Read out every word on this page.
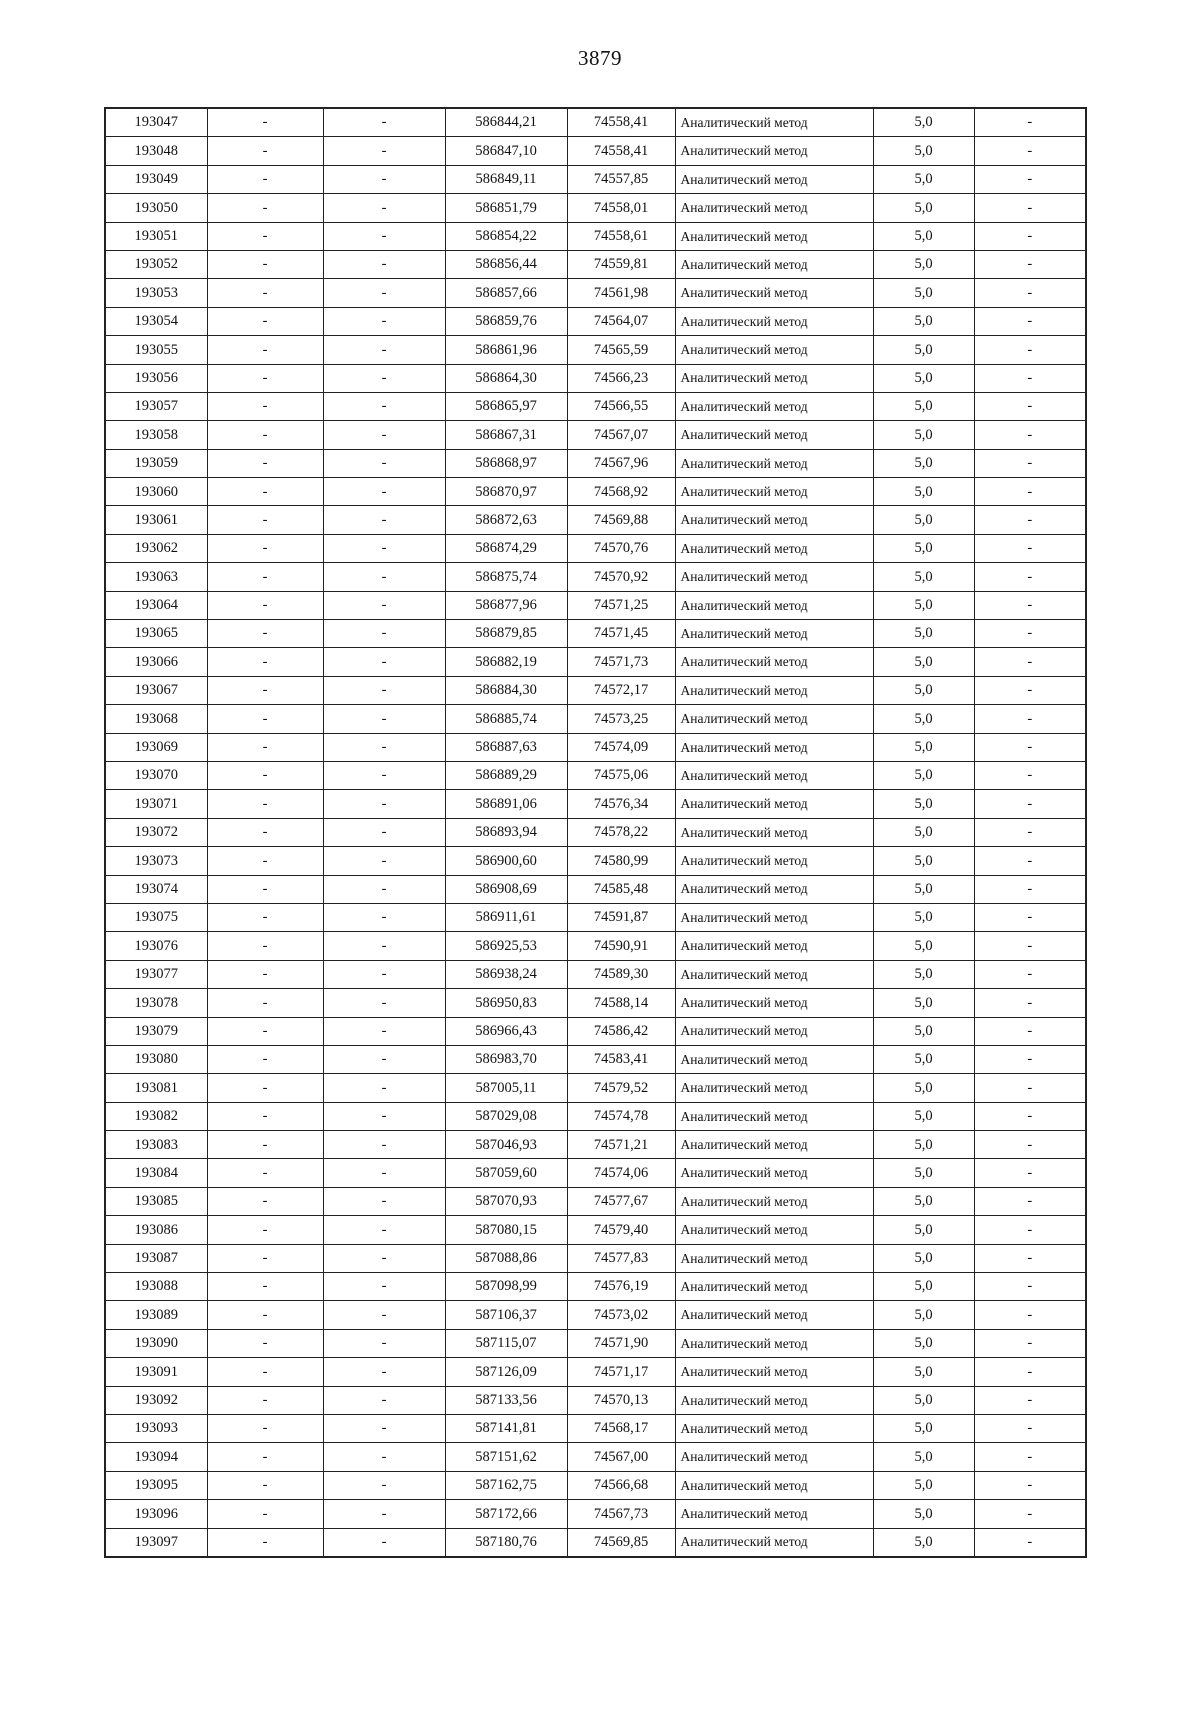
3879
193047	-	-	586844,21	74558,41	Аналитический метод	5,0	-
193048	-	-	586847,10	74558,41	Аналитический метод	5,0	-
193049	-	-	586849,11	74557,85	Аналитический метод	5,0	-
193050	-	-	586851,79	74558,01	Аналитический метод	5,0	-
193051	-	-	586854,22	74558,61	Аналитический метод	5,0	-
193052	-	-	586856,44	74559,81	Аналитический метод	5,0	-
193053	-	-	586857,66	74561,98	Аналитический метод	5,0	-
193054	-	-	586859,76	74564,07	Аналитический метод	5,0	-
193055	-	-	586861,96	74565,59	Аналитический метод	5,0	-
193056	-	-	586864,30	74566,23	Аналитический метод	5,0	-
193057	-	-	586865,97	74566,55	Аналитический метод	5,0	-
193058	-	-	586867,31	74567,07	Аналитический метод	5,0	-
193059	-	-	586868,97	74567,96	Аналитический метод	5,0	-
193060	-	-	586870,97	74568,92	Аналитический метод	5,0	-
193061	-	-	586872,63	74569,88	Аналитический метод	5,0	-
193062	-	-	586874,29	74570,76	Аналитический метод	5,0	-
193063	-	-	586875,74	74570,92	Аналитический метод	5,0	-
193064	-	-	586877,96	74571,25	Аналитический метод	5,0	-
193065	-	-	586879,85	74571,45	Аналитический метод	5,0	-
193066	-	-	586882,19	74571,73	Аналитический метод	5,0	-
193067	-	-	586884,30	74572,17	Аналитический метод	5,0	-
193068	-	-	586885,74	74573,25	Аналитический метод	5,0	-
193069	-	-	586887,63	74574,09	Аналитический метод	5,0	-
193070	-	-	586889,29	74575,06	Аналитический метод	5,0	-
193071	-	-	586891,06	74576,34	Аналитический метод	5,0	-
193072	-	-	586893,94	74578,22	Аналитический метод	5,0	-
193073	-	-	586900,60	74580,99	Аналитический метод	5,0	-
193074	-	-	586908,69	74585,48	Аналитический метод	5,0	-
193075	-	-	586911,61	74591,87	Аналитический метод	5,0	-
193076	-	-	586925,53	74590,91	Аналитический метод	5,0	-
193077	-	-	586938,24	74589,30	Аналитический метод	5,0	-
193078	-	-	586950,83	74588,14	Аналитический метод	5,0	-
193079	-	-	586966,43	74586,42	Аналитический метод	5,0	-
193080	-	-	586983,70	74583,41	Аналитический метод	5,0	-
193081	-	-	587005,11	74579,52	Аналитический метод	5,0	-
193082	-	-	587029,08	74574,78	Аналитический метод	5,0	-
193083	-	-	587046,93	74571,21	Аналитический метод	5,0	-
193084	-	-	587059,60	74574,06	Аналитический метод	5,0	-
193085	-	-	587070,93	74577,67	Аналитический метод	5,0	-
193086	-	-	587080,15	74579,40	Аналитический метод	5,0	-
193087	-	-	587088,86	74577,83	Аналитический метод	5,0	-
193088	-	-	587098,99	74576,19	Аналитический метод	5,0	-
193089	-	-	587106,37	74573,02	Аналитический метод	5,0	-
193090	-	-	587115,07	74571,90	Аналитический метод	5,0	-
193091	-	-	587126,09	74571,17	Аналитический метод	5,0	-
193092	-	-	587133,56	74570,13	Аналитический метод	5,0	-
193093	-	-	587141,81	74568,17	Аналитический метод	5,0	-
193094	-	-	587151,62	74567,00	Аналитический метод	5,0	-
193095	-	-	587162,75	74566,68	Аналитический метод	5,0	-
193096	-	-	587172,66	74567,73	Аналитический метод	5,0	-
193097	-	-	587180,76	74569,85	Аналитический метод	5,0	-
